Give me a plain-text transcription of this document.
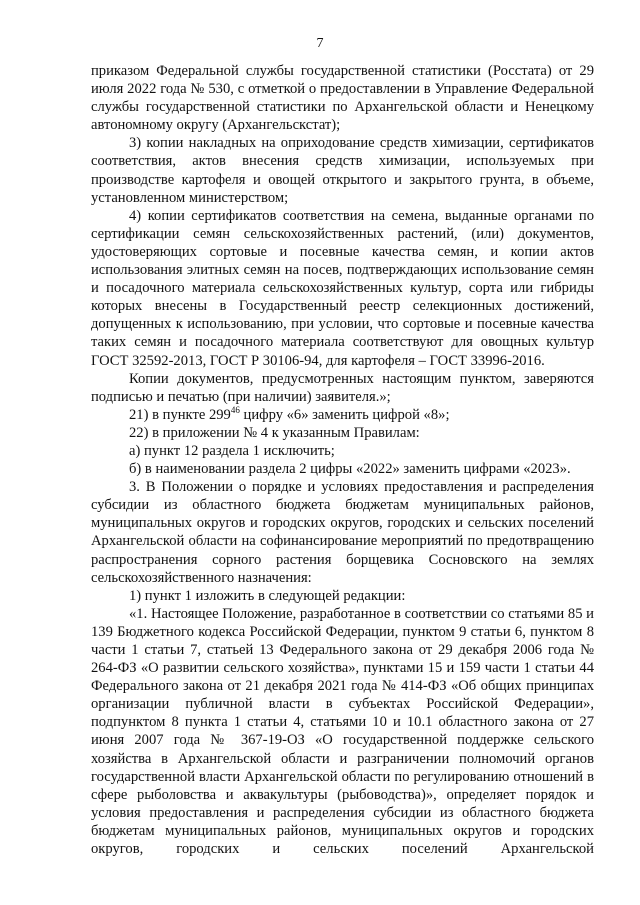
7

приказом Федеральной службы государственной статистики (Росстата) от 29 июля 2022 года № 530, с отметкой о предоставлении в Управление Федеральной службы государственной статистики по Архангельской области и Ненецкому автономному округу (Архангельскстат);

3) копии накладных на оприходование средств химизации, сертификатов соответствия, актов внесения средств химизации, используемых при производстве картофеля и овощей открытого и закрытого грунта, в объеме, установленном министерством;

4) копии сертификатов соответствия на семена, выданные органами по сертификации семян сельскохозяйственных растений, (или) документов, удостоверяющих сортовые и посевные качества семян, и копии актов использования элитных семян на посев, подтверждающих использование семян и посадочного материала сельскохозяйственных культур, сорта или гибриды которых внесены в Государственный реестр селекционных достижений, допущенных к использованию, при условии, что сортовые и посевные качества таких семян и посадочного материала соответствуют для овощных культур ГОСТ 32592-2013, ГОСТ Р 30106-94, для картофеля – ГОСТ 33996-2016.

Копии документов, предусмотренных настоящим пунктом, заверяются подписью и печатью (при наличии) заявителя.»;

21) в пункте $299^{46}$ цифру «6» заменить цифрой «8»;

22) в приложении № 4 к указанным Правилам:

а) пункт 12 раздела 1 исключить;

б) в наименовании раздела 2 цифры «2022» заменить цифрами «2023».

3. В Положении о порядке и условиях предоставления и распределения субсидии из областного бюджета бюджетам муниципальных районов, муниципальных округов и городских округов, городских и сельских поселений Архангельской области на софинансирование мероприятий по предотвращению распространения сорного растения борщевика Сосновского на землях сельскохозяйственного назначения:

1) пункт 1 изложить в следующей редакции:

«1. Настоящее Положение, разработанное в соответствии со статьями 85 и 139 Бюджетного кодекса Российской Федерации, пунктом 9 статьи 6, пунктом 8 части 1 статьи 7, статьей 13 Федерального закона от 29 декабря 2006 года № 264-ФЗ «О развитии сельского хозяйства», пунктами 15 и 159 части 1 статьи 44 Федерального закона от 21 декабря 2021 года № 414-ФЗ «Об общих принципах организации публичной власти в субъектах Российской Федерации», подпунктом 8 пункта 1 статьи 4, статьями 10 и 10.1 областного закона от 27 июня 2007 года № 367-19-ОЗ «О государственной поддержке сельского хозяйства в Архангельской области и разграничении полномочий органов государственной власти Архангельской области по регулированию отношений в сфере рыболовства и аквакультуры (рыбоводства)», определяет порядок и условия предоставления и распределения субсидии из областного бюджета бюджетам муниципальных районов, муниципальных округов и городских округов, городских и сельских поселений Архангельской
